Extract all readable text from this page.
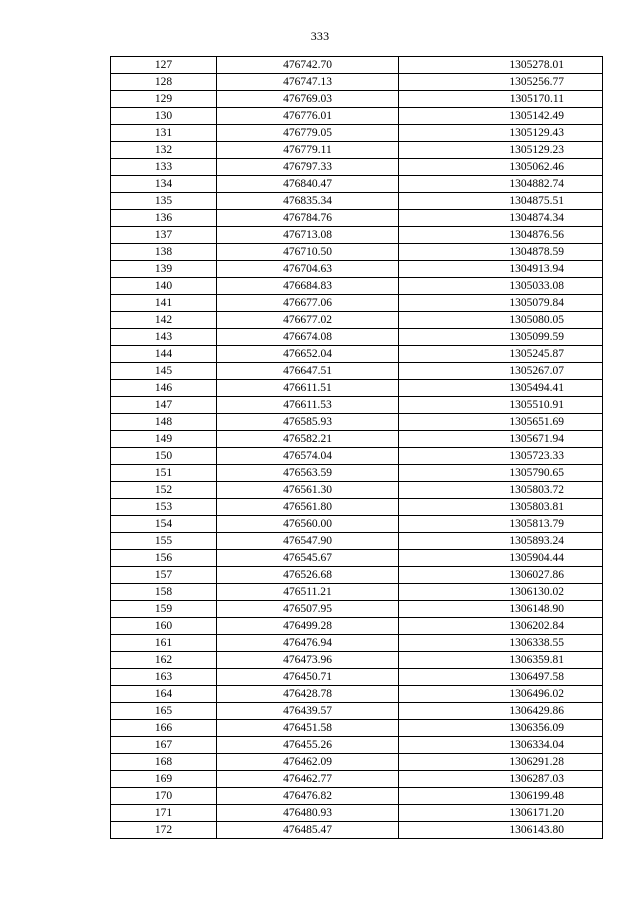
333
127	476742.70	1305278.01
128	476747.13	1305256.77
129	476769.03	1305170.11
130	476776.01	1305142.49
131	476779.05	1305129.43
132	476779.11	1305129.23
133	476797.33	1305062.46
134	476840.47	1304882.74
135	476835.34	1304875.51
136	476784.76	1304874.34
137	476713.08	1304876.56
138	476710.50	1304878.59
139	476704.63	1304913.94
140	476684.83	1305033.08
141	476677.06	1305079.84
142	476677.02	1305080.05
143	476674.08	1305099.59
144	476652.04	1305245.87
145	476647.51	1305267.07
146	476611.51	1305494.41
147	476611.53	1305510.91
148	476585.93	1305651.69
149	476582.21	1305671.94
150	476574.04	1305723.33
151	476563.59	1305790.65
152	476561.30	1305803.72
153	476561.80	1305803.81
154	476560.00	1305813.79
155	476547.90	1305893.24
156	476545.67	1305904.44
157	476526.68	1306027.86
158	476511.21	1306130.02
159	476507.95	1306148.90
160	476499.28	1306202.84
161	476476.94	1306338.55
162	476473.96	1306359.81
163	476450.71	1306497.58
164	476428.78	1306496.02
165	476439.57	1306429.86
166	476451.58	1306356.09
167	476455.26	1306334.04
168	476462.09	1306291.28
169	476462.77	1306287.03
170	476476.82	1306199.48
171	476480.93	1306171.20
172	476485.47	1306143.80
